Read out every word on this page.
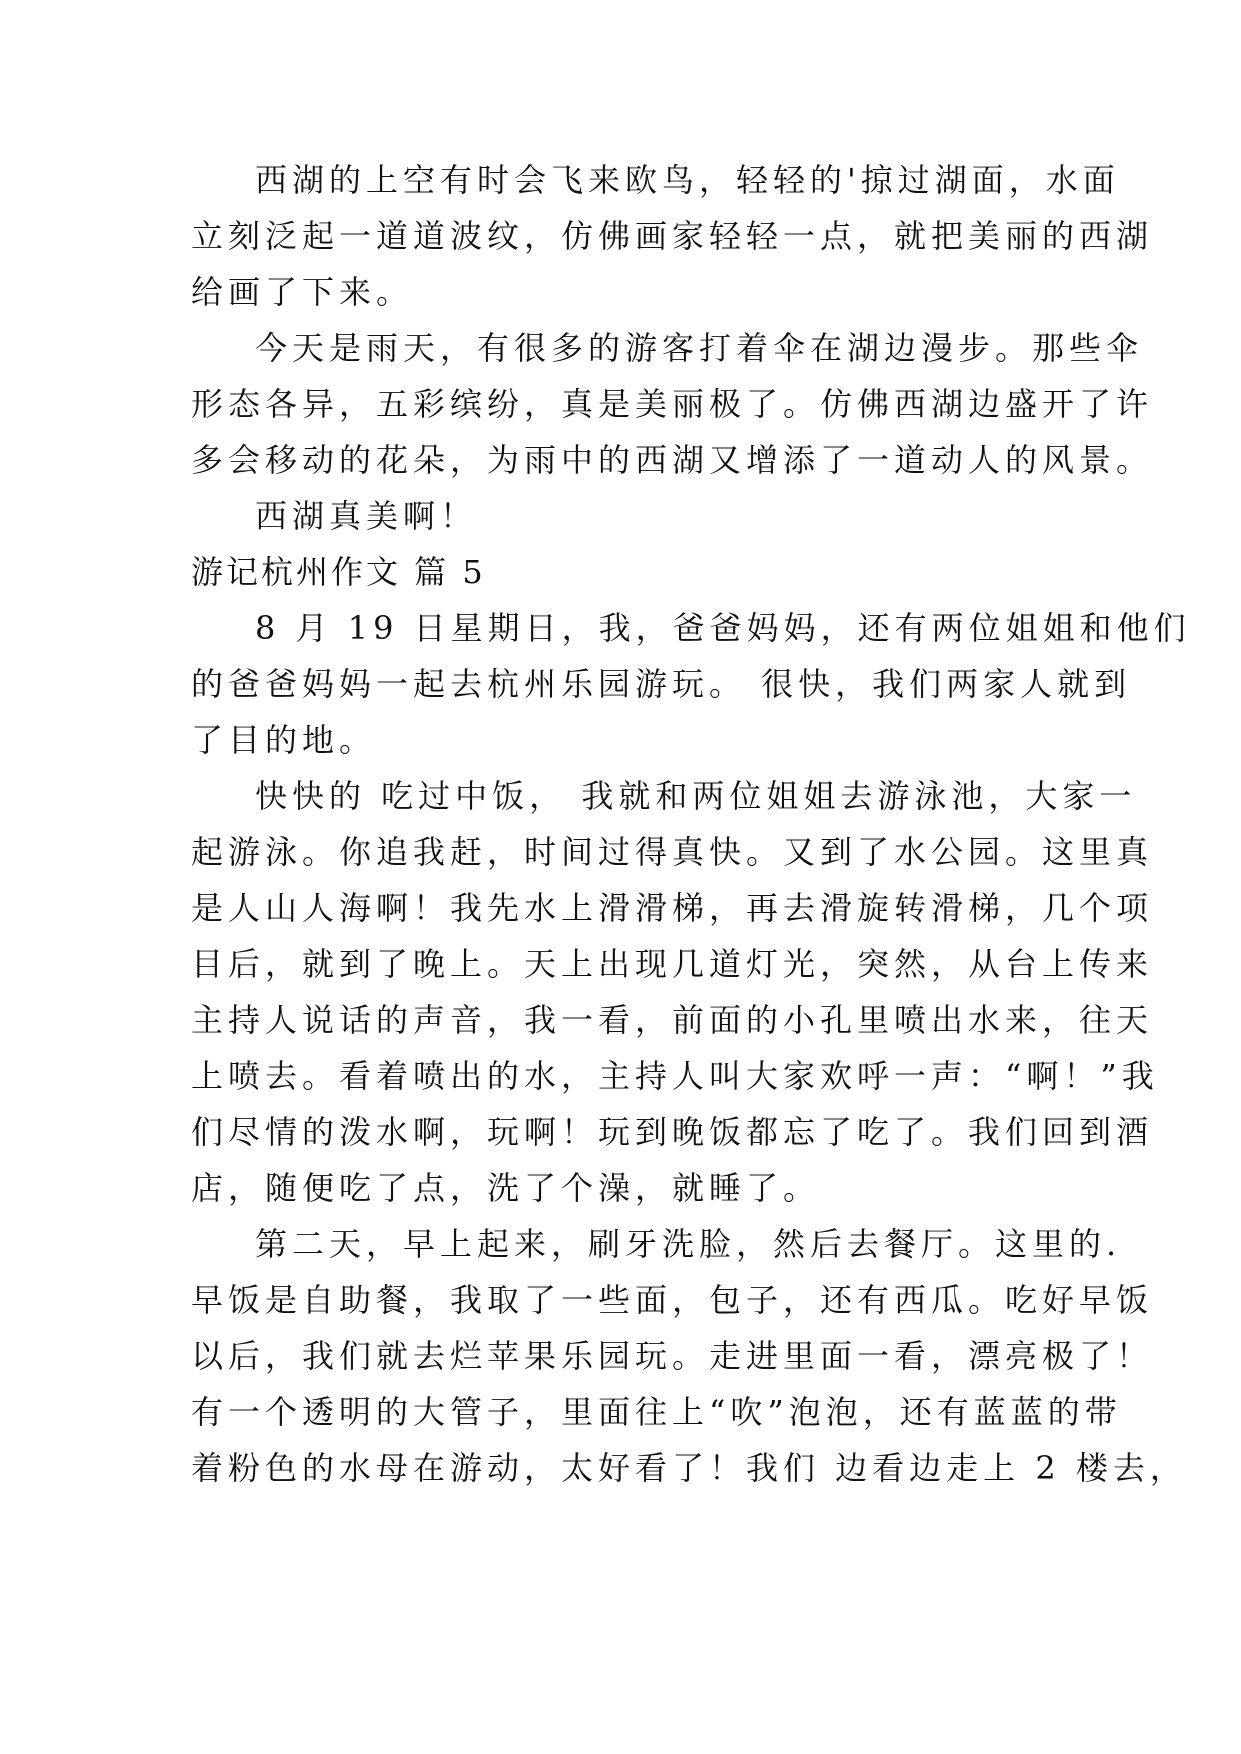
西湖的上空有时会飞来欧鸟，轻轻的'掠过湖面，水面
立刻泛起一道道波纹，仿佛画家轻轻一点，就把美丽的西湖
给画了下来。
今天是雨天，有很多的游客打着伞在湖边漫步。那些伞
形态各异，五彩缤纷，真是美丽极了。仿佛西湖边盛开了许
多会移动的花朵，为雨中的西湖又增添了一道动人的风景。
西湖真美啊！
游记杭州作文 篇 5
8 月 19 日星期日，我，爸爸妈妈，还有两位姐姐和他们
的爸爸妈妈一起去杭州乐园游玩。 很快，我们两家人就到
了目的地。
快快的 吃过中饭， 我就和两位姐姐去游泳池，大家一
起游泳。你追我赶，时间过得真快。又到了水公园。这里真
是人山人海啊！我先水上滑滑梯，再去滑旋转滑梯，几个项
目后，就到了晚上。天上出现几道灯光，突然，从台上传来
主持人说话的声音，我一看，前面的小孔里喷出水来，往天
上喷去。看着喷出的水，主持人叫大家欢呼一声：“啊！”我
们尽情的泼水啊，玩啊！玩到晚饭都忘了吃了。我们回到酒
店，随便吃了点，洗了个澡，就睡了。
第二天，早上起来，刷牙洗脸，然后去餐厅。这里的.
早饭是自助餐，我取了一些面，包子，还有西瓜。吃好早饭
以后，我们就去烂苹果乐园玩。走进里面一看，漂亮极了！
有一个透明的大管子，里面往上“吹”泡泡，还有蓝蓝的带
着粉色的水母在游动，太好看了！我们 边看边走上 2 楼去，
